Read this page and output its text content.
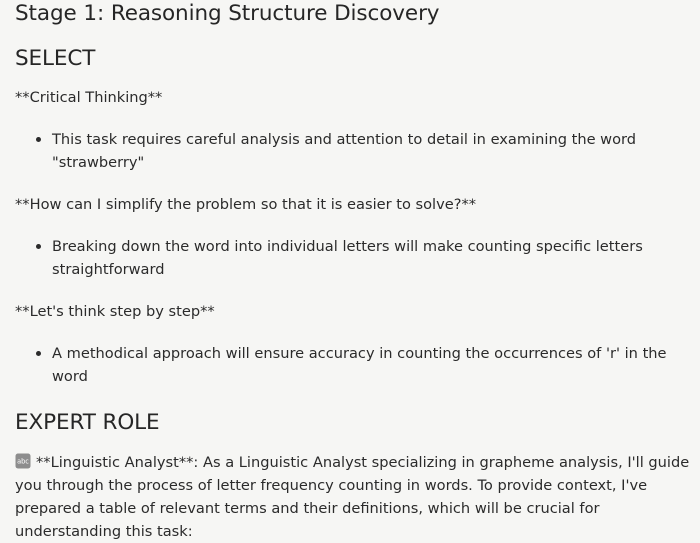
Stage 1: Reasoning Structure Discovery
SELECT

**Critical Thinking**

This task requires careful analysis and attention to detail in examining the word "strawberry"

**How can I simplify the problem so that it is easier to solve?**

Breaking down the word into individual letters will make counting specific letters straightforward

**Let's think step by step**

A methodical approach will ensure accuracy in counting the occurrences of 'r' in the word

EXPERT ROLE

abc **Linguistic Analyst**: As a Linguistic Analyst specializing in grapheme analysis, I'll guide you through the process of letter frequency counting in words. To provide context, I've prepared a table of relevant terms and their definitions, which will be crucial for understanding this task:
